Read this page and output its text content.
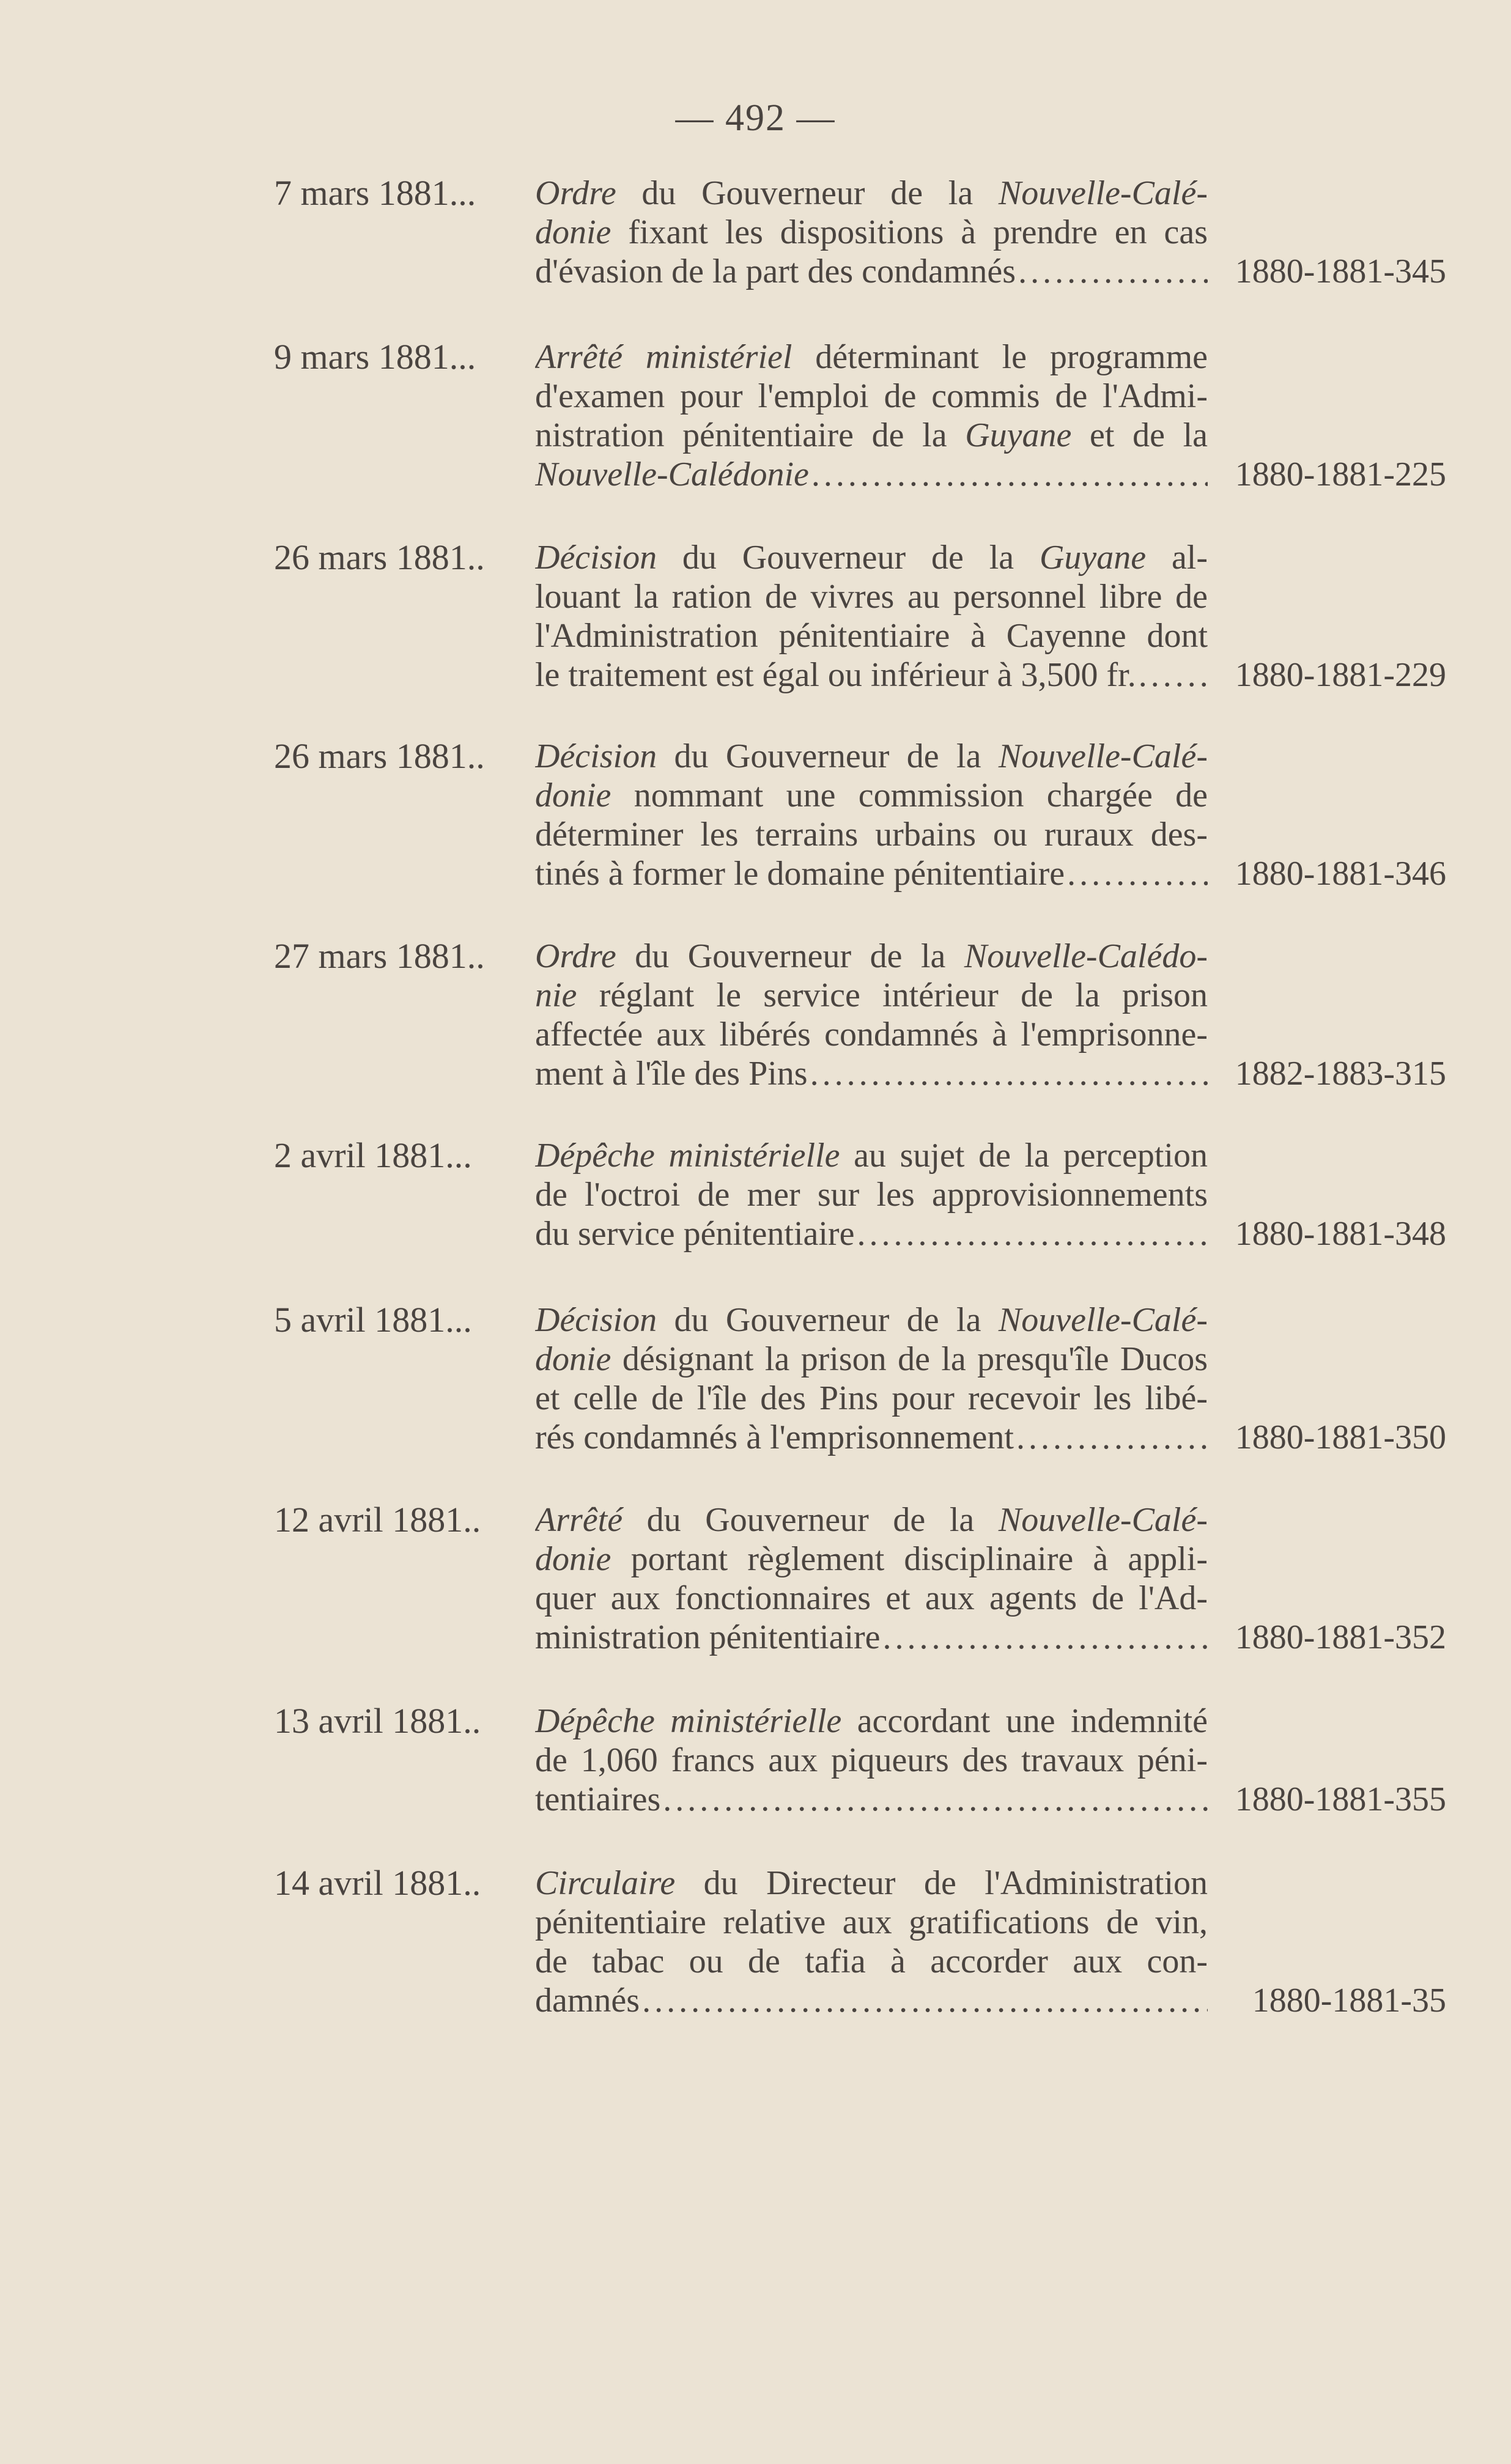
— 492 —
7 mars 1881... Ordre du Gouverneur de la Nouvelle-Calé-
donie fixant les dispositions à prendre en cas
d'évasion de la part des condamnés .....	1880-1881-345
9 mars 1881... Arrêté ministériel déterminant le programme
d'examen pour l'emploi de commis de l'Admi-
nistration pénitentiaire de la Guyane et de la
Nouvelle-Calédonie .....	1880-1881-225
26 mars 1881.. Décision du Gouverneur de la Guyane al-
louant la ration de vivres au personnel libre de
l'Administration pénitentiaire à Cayenne dont
le traitement est égal ou inférieur à 3,500 fr. .....	1880-1881-229
26 mars 1881.. Décision du Gouverneur de la Nouvelle-Calé-
donie nommant une commission chargée de
déterminer les terrains urbains ou ruraux des-
tinés à former le domaine pénitentiaire .....	1880-1881-346
27 mars 1881.. Ordre du Gouverneur de la Nouvelle-Calédo-
nie réglant le service intérieur de la prison
affectée aux libérés condamnés à l'emprisonne-
ment à l'île des Pins .....	1882-1883-315
2 avril 1881... Dépêche ministérielle au sujet de la perception
de l'octroi de mer sur les approvisionnements
du service pénitentiaire .....	1880-1881-348
5 avril 1881... Décision du Gouverneur de la Nouvelle-Calé-
donie désignant la prison de la presqu'île Ducos
et celle de l'île des Pins pour recevoir les libé-
rés condamnés à l'emprisonnement .....	1880-1881-350
12 avril 1881.. Arrêté du Gouverneur de la Nouvelle-Calé-
donie portant règlement disciplinaire à appli-
quer aux fonctionnaires et aux agents de l'Ad-
ministration pénitentiaire .....	1880-1881-352
13 avril 1881.. Dépêche ministérielle accordant une indemnité
de 1,060 francs aux piqueurs des travaux péni-
tentiaires .....	1880-1881-355
14 avril 1881.. Circulaire du Directeur de l'Administration
pénitentiaire relative aux gratifications de vin,
de tabac ou de tafia à accorder aux con-
damnés .....	1880-1881-35
